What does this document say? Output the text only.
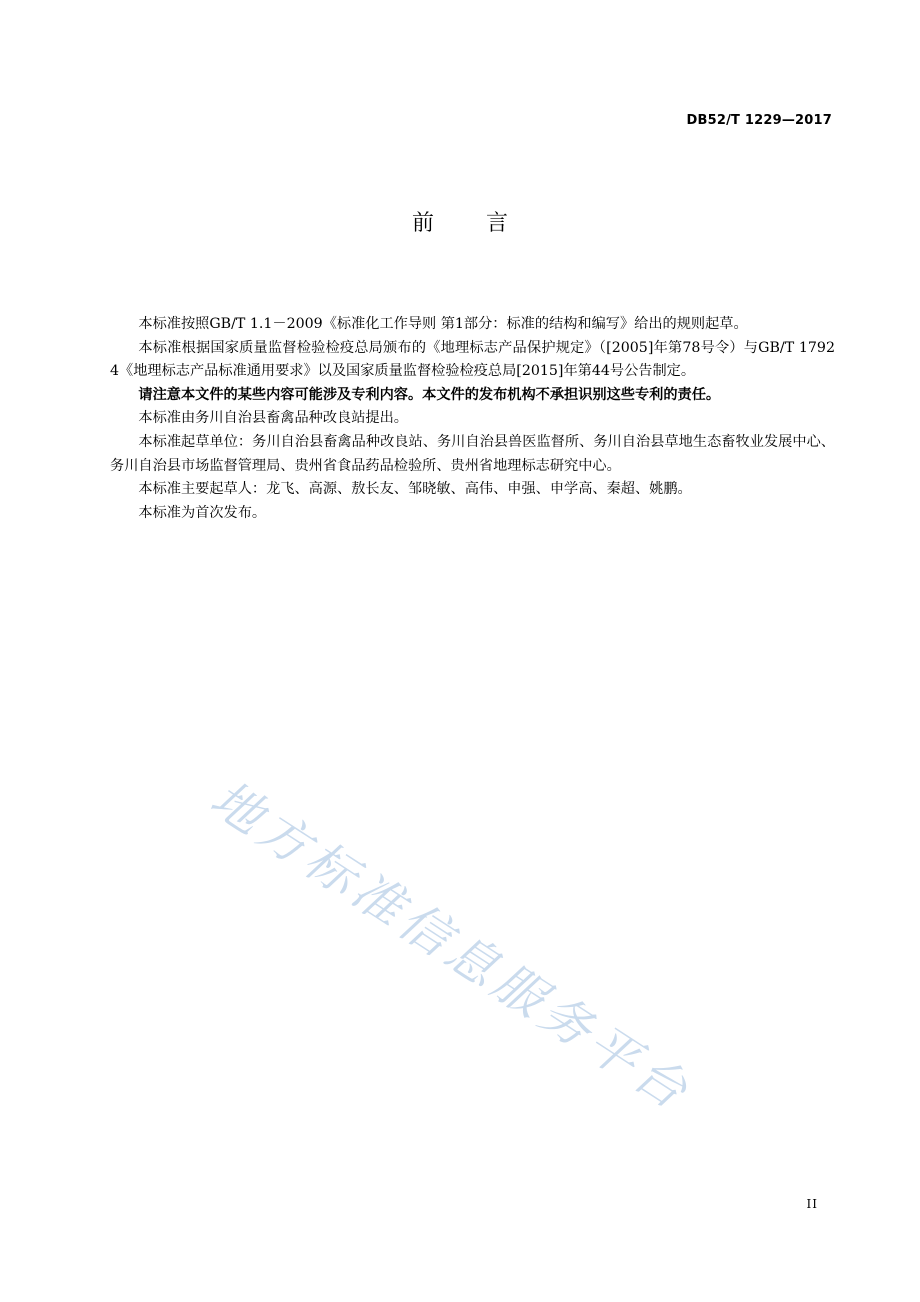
DB52/T 1229—2017
前 言

本标准按照GB/T 1.1－2009《标准化工作导则 第1部分：标准的结构和编写》给出的规则起草。

本标准根据国家质量监督检验检疫总局颁布的《地理标志产品保护规定》（[2005]年第78号令）与GB/T 17924《地理标志产品标准通用要求》以及国家质量监督检验检疫总局[2015]年第44号公告制定。

请注意本文件的某些内容可能涉及专利内容。本文件的发布机构不承担识别这些专利的责任。

本标准由务川自治县畜禽品种改良站提出。

本标准起草单位：务川自治县畜禽品种改良站、务川自治县兽医监督所、务川自治县草地生态畜牧业发展中心、务川自治县市场监督管理局、贵州省食品药品检验所、贵州省地理标志研究中心。

本标准主要起草人：龙飞、高源、敖长友、邹晓敏、高伟、申强、申学高、秦超、姚鹏。

本标准为首次发布。

地方标准信息服务平台
II
